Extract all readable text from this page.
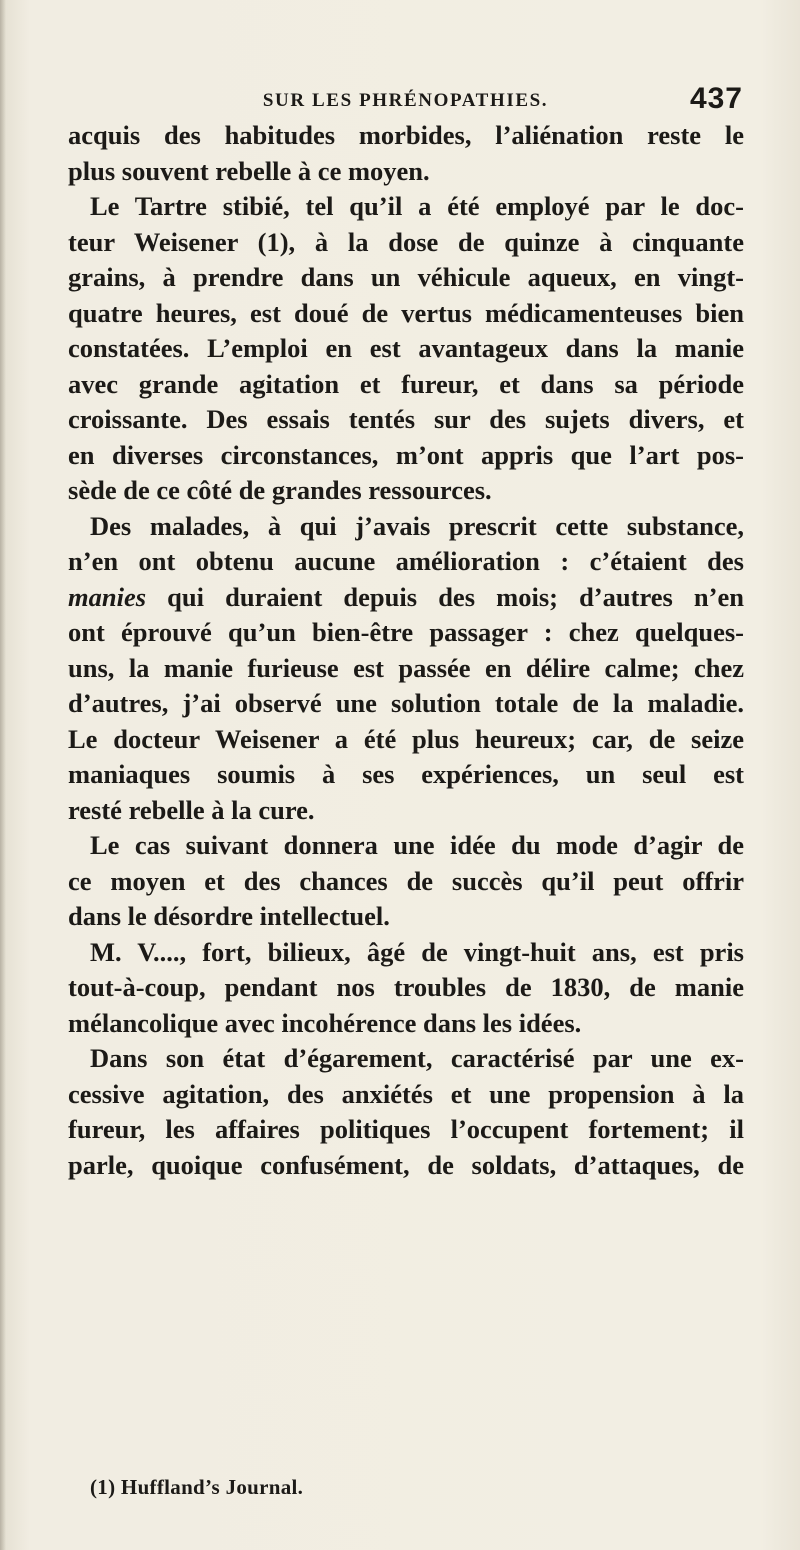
SUR LES PHRÉNOPATHIES.	437
acquis des habitudes morbides, l’aliénation reste le
plus souvent rebelle à ce moyen.
Le Tartre stibié, tel qu’il a été employé par le doc-
teur Weisener (1), à la dose de quinze à cinquante
grains, à prendre dans un véhicule aqueux, en vingt-
quatre heures, est doué de vertus médicamenteuses bien
constatées. L’emploi en est avantageux dans la manie
avec grande agitation et fureur, et dans sa période
croissante. Des essais tentés sur des sujets divers, et
en diverses circonstances, m’ont appris que l’art pos-
sède de ce côté de grandes ressources.
Des malades, à qui j’avais prescrit cette substance,
n’en ont obtenu aucune amélioration : c’étaient des
manies qui duraient depuis des mois; d’autres n’en
ont éprouvé qu’un bien-être passager : chez quelques-
uns, la manie furieuse est passée en délire calme; chez
d’autres, j’ai observé une solution totale de la maladie.
Le docteur Weisener a été plus heureux; car, de seize
maniaques soumis à ses expériences, un seul est
resté rebelle à la cure.
Le cas suivant donnera une idée du mode d’agir de
ce moyen et des chances de succès qu’il peut offrir
dans le désordre intellectuel.
M. V...., fort, bilieux, âgé de vingt-huit ans, est pris
tout-à-coup, pendant nos troubles de 1830, de manie
mélancolique avec incohérence dans les idées.
Dans son état d’égarement, caractérisé par une ex-
cessive agitation, des anxiétés et une propension à la
fureur, les affaires politiques l’occupent fortement; il
parle, quoique confusément, de soldats, d’attaques, de
(1) Huffland’s Journal.
